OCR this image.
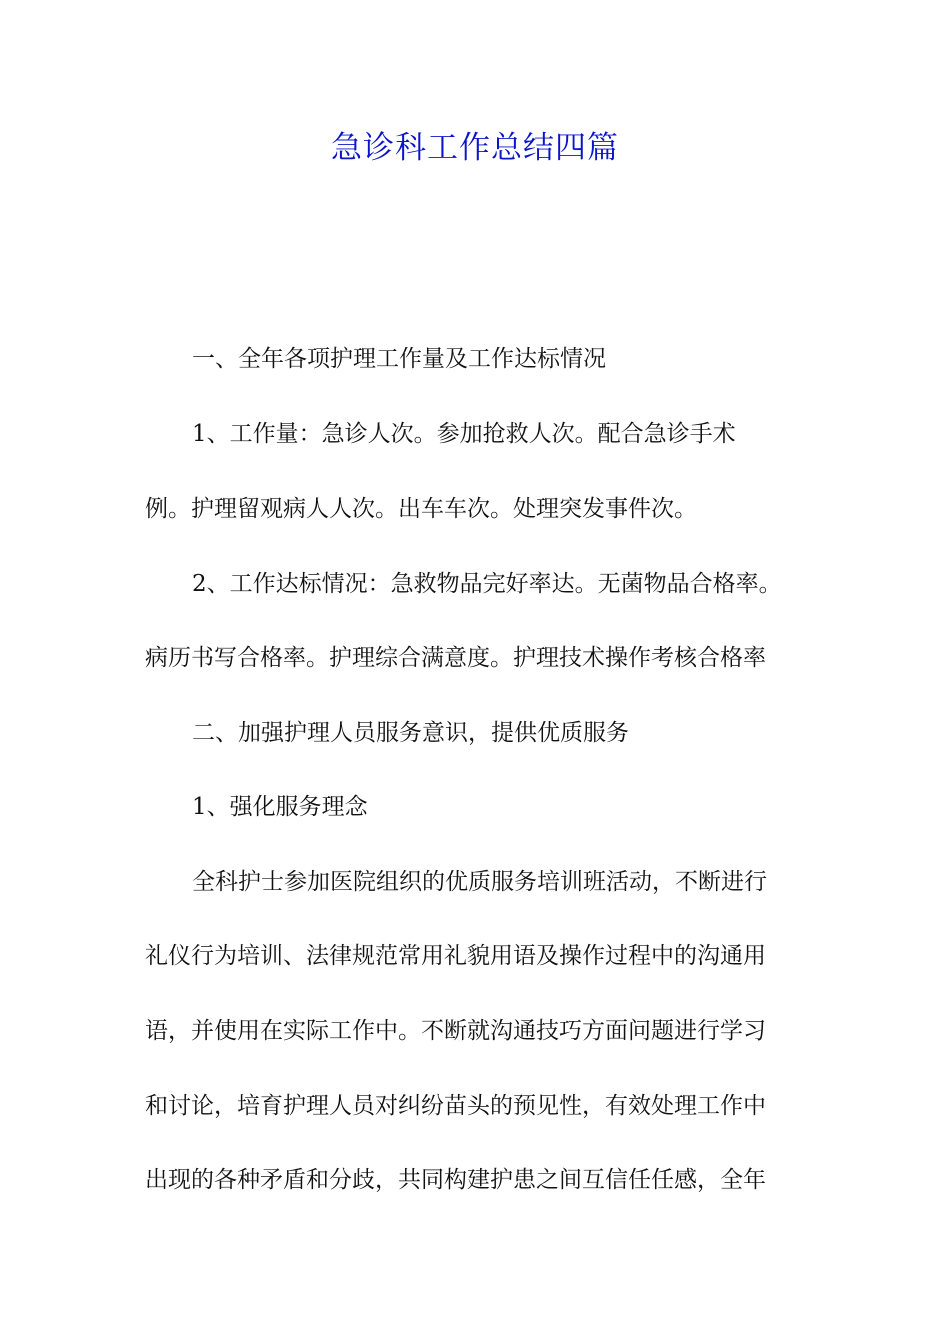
急诊科工作总结四篇
一、全年各项护理工作量及工作达标情况
1、工作量：急诊人次。参加抢救人次。配合急诊手术
例。护理留观病人人次。出车车次。处理突发事件次。
2、工作达标情况：急救物品完好率达。无菌物品合格率。
病历书写合格率。护理综合满意度。护理技术操作考核合格率
二、加强护理人员服务意识，提供优质服务
1、强化服务理念
全科护士参加医院组织的优质服务培训班活动，不断进行
礼仪行为培训、法律规范常用礼貌用语及操作过程中的沟通用
语，并使用在实际工作中。不断就沟通技巧方面问题进行学习
和讨论，培育护理人员对纠纷苗头的预见性，有效处理工作中
出现的各种矛盾和分歧，共同构建护患之间互信任任感，全年
